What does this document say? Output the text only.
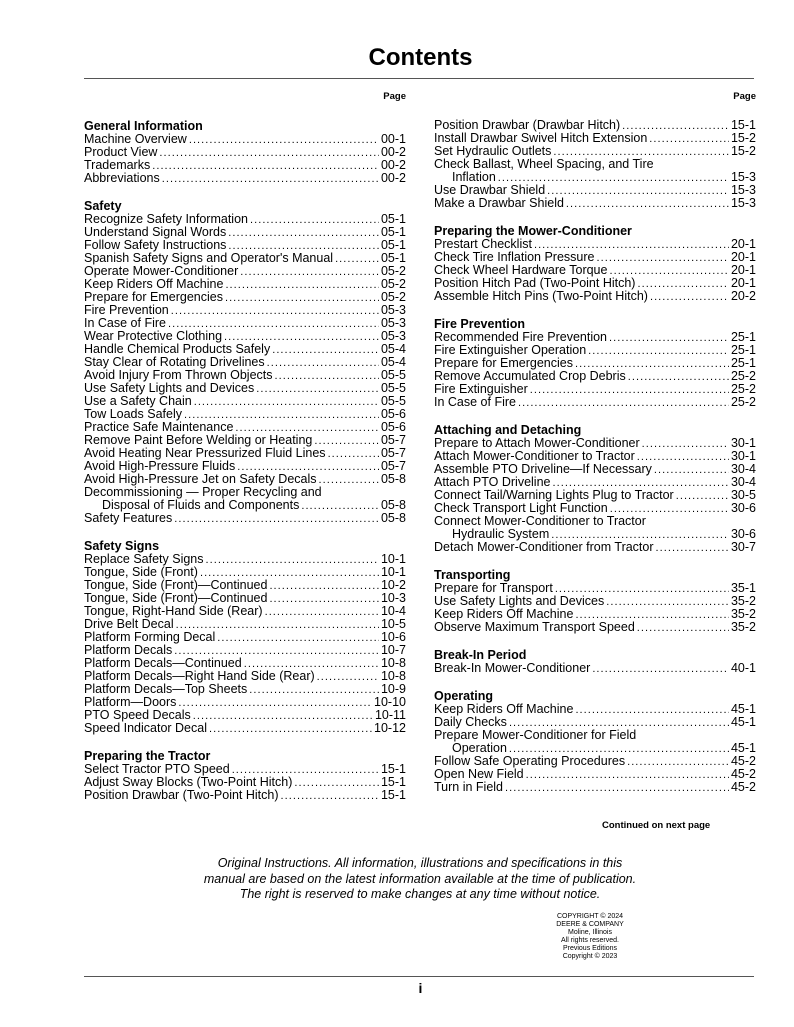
Contents
Page
General Information
Machine Overview . . .	00-1
Product View . . .	00-2
Trademarks . . .	00-2
Abbreviations . . .	00-2
Safety
Recognize Safety Information . . .	05-1
Understand Signal Words . . .	05-1
Follow Safety Instructions . . .	05-1
Spanish Safety Signs and Operator's Manual . . .	05-1
Operate Mower-Conditioner . . .	05-2
Keep Riders Off Machine . . .	05-2
Prepare for Emergencies . . .	05-2
Fire Prevention . . .	05-3
In Case of Fire . . .	05-3
Wear Protective Clothing . . .	05-3
Handle Chemical Products Safely . . .	05-4
Stay Clear of Rotating Drivelines . . .	05-4
Avoid Injury From Thrown Objects . . .	05-5
Use Safety Lights and Devices . . .	05-5
Use a Safety Chain . . .	05-5
Tow Loads Safely . . .	05-6
Practice Safe Maintenance . . .	05-6
Remove Paint Before Welding or Heating . . .	05-7
Avoid Heating Near Pressurized Fluid Lines . . .	05-7
Avoid High-Pressure Fluids . . .	05-7
Avoid High-Pressure Jet on Safety Decals . . .	05-8
Decommissioning — Proper Recycling and
Disposal of Fluids and Components . . .	05-8
Safety Features . . .	05-8
Safety Signs
Replace Safety Signs . . .	10-1
Tongue, Side (Front) . . .	10-1
Tongue, Side (Front)—Continued . . .	10-2
Tongue, Side (Front)—Continued . . .	10-3
Tongue, Right-Hand Side (Rear) . . .	10-4
Drive Belt Decal . . .	10-5
Platform Forming Decal . . .	10-6
Platform Decals . . .	10-7
Platform Decals—Continued . . .	10-8
Platform Decals—Right Hand Side (Rear) . . .	10-8
Platform Decals—Top Sheets . . .	10-9
Platform—Doors . . .	10-10
PTO Speed Decals . . .	10-11
Speed Indicator Decal . . .	10-12
Preparing the Tractor
Select Tractor PTO Speed . . .	15-1
Adjust Sway Blocks (Two-Point Hitch) . . .	15-1
Position Drawbar (Two-Point Hitch) . . .	15-1
Page
Position Drawbar (Drawbar Hitch) . . .	15-1
Install Drawbar Swivel Hitch Extension . . .	15-2
Set Hydraulic Outlets . . .	15-2
Check Ballast, Wheel Spacing, and Tire
Inflation . . .	15-3
Use Drawbar Shield . . .	15-3
Make a Drawbar Shield . . .	15-3
Preparing the Mower-Conditioner
Prestart Checklist . . .	20-1
Check Tire Inflation Pressure . . .	20-1
Check Wheel Hardware Torque . . .	20-1
Position Hitch Pad (Two-Point Hitch) . . .	20-1
Assemble Hitch Pins (Two-Point Hitch) . . .	20-2
Fire Prevention
Recommended Fire Prevention . . .	25-1
Fire Extinguisher Operation . . .	25-1
Prepare for Emergencies . . .	25-1
Remove Accumulated Crop Debris . . .	25-2
Fire Extinguisher . . .	25-2
In Case of Fire . . .	25-2
Attaching and Detaching
Prepare to Attach Mower-Conditioner . . .	30-1
Attach Mower-Conditioner to Tractor . . .	30-1
Assemble PTO Driveline—If Necessary . . .	30-4
Attach PTO Driveline . . .	30-4
Connect Tail/Warning Lights Plug to Tractor . . .	30-5
Check Transport Light Function . . .	30-6
Connect Mower-Conditioner to Tractor
Hydraulic System . . .	30-6
Detach Mower-Conditioner from Tractor . . .	30-7
Transporting
Prepare for Transport . . .	35-1
Use Safety Lights and Devices . . .	35-2
Keep Riders Off Machine . . .	35-2
Observe Maximum Transport Speed . . .	35-2
Break-In Period
Break-In Mower-Conditioner . . .	40-1
Operating
Keep Riders Off Machine . . .	45-1
Daily Checks . . .	45-1
Prepare Mower-Conditioner for Field
Operation . . .	45-1
Follow Safe Operating Procedures . . .	45-2
Open New Field . . .	45-2
Turn in Field . . .	45-2
Continued on next page
Original Instructions. All information, illustrations and specifications in this
manual are based on the latest information available at the time of publication.
The right is reserved to make changes at any time without notice.
COPYRIGHT © 2024
DEERE & COMPANY
Moline, Illinois
All rights reserved.
Previous Editions
Copyright © 2023
i
